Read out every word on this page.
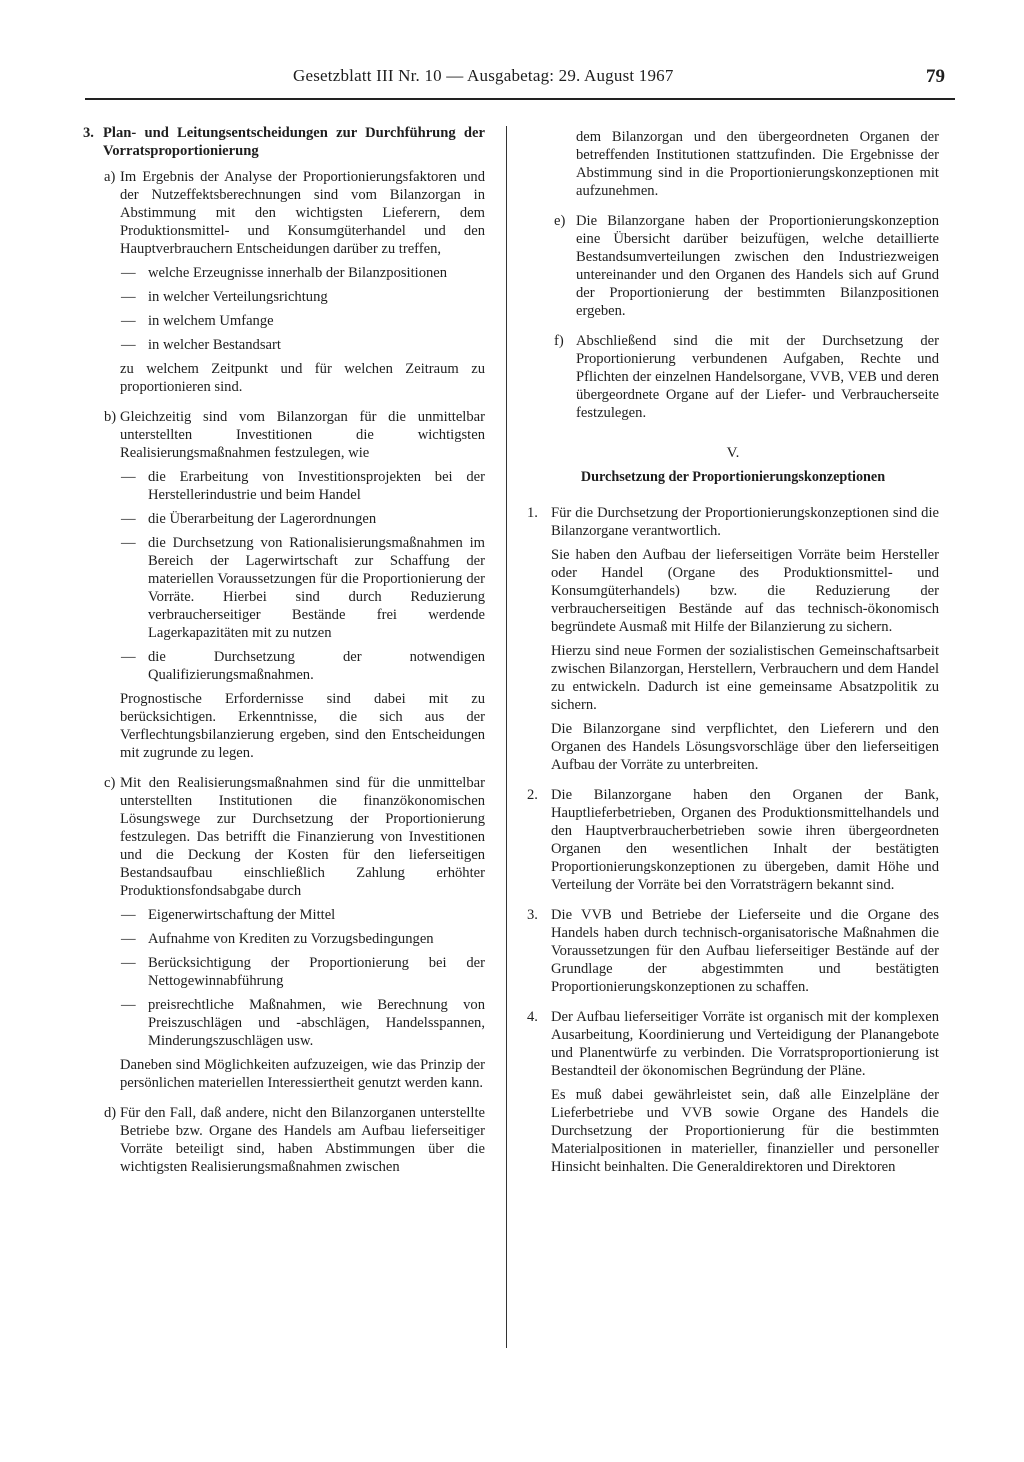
Gesetzblatt III Nr. 10 — Ausgabetag: 29. August 1967	79
3. Plan- und Leitungsentscheidungen zur Durchführung der Vorratsproportionierung
a) Im Ergebnis der Analyse der Proportionierungsfaktoren und der Nutzeffektsberechnungen sind vom Bilanzorgan in Abstimmung mit den wichtigsten Lieferern, dem Produktionsmittel- und Konsumgüterhandel und den Hauptverbrauchern Entscheidungen darüber zu treffen,
— welche Erzeugnisse innerhalb der Bilanzpositionen
— in welcher Verteilungsrichtung
— in welchem Umfange
— in welcher Bestandsart
zu welchem Zeitpunkt und für welchen Zeitraum zu proportionieren sind.
b) Gleichzeitig sind vom Bilanzorgan für die unmittelbar unterstellten Investitionen die wichtigsten Realisierungsmaßnahmen festzulegen, wie
— die Erarbeitung von Investitionsprojekten bei der Herstellerindustrie und beim Handel
— die Überarbeitung der Lagerordnungen
— die Durchsetzung von Rationalisierungsmaßnahmen im Bereich der Lagerwirtschaft zur Schaffung der materiellen Voraussetzungen für die Proportionierung der Vorräte. Hierbei sind durch Reduzierung verbraucherseitiger Bestände frei werdende Lagerkapazitäten mit zu nutzen
— die Durchsetzung der notwendigen Qualifizierungsmaßnahmen.
Prognostische Erfordernisse sind dabei mit zu berücksichtigen. Erkenntnisse, die sich aus der Verflechtungsbilanzierung ergeben, sind den Entscheidungen mit zugrunde zu legen.
c) Mit den Realisierungsmaßnahmen sind für die unmittelbar unterstellten Institutionen die finanzökonomischen Lösungswege zur Durchsetzung der Proportionierung festzulegen. Das betrifft die Finanzierung von Investitionen und die Deckung der Kosten für den lieferseitigen Bestandsaufbau einschließlich Zahlung erhöhter Produktionsfondsabgabe durch
— Eigenerwirtschaftung der Mittel
— Aufnahme von Krediten zu Vorzugsbedingungen
— Berücksichtigung der Proportionierung bei der Nettogewinnabführung
— preisrechtliche Maßnahmen, wie Berechnung von Preiszuschlägen und -abschlägen, Handelsspannen, Minderungszuschlägen usw.
Daneben sind Möglichkeiten aufzuzeigen, wie das Prinzip der persönlichen materiellen Interessiertheit genutzt werden kann.
d) Für den Fall, daß andere, nicht den Bilanzorganen unterstellte Betriebe bzw. Organe des Handels am Aufbau lieferseitiger Vorräte beteiligt sind, haben Abstimmungen über die wichtigsten Realisierungsmaßnahmen zwischen
dem Bilanzorgan und den übergeordneten Organen der betreffenden Institutionen stattzufinden. Die Ergebnisse der Abstimmung sind in die Proportionierungskonzeptionen mit aufzunehmen.
e) Die Bilanzorgane haben der Proportionierungskonzeption eine Übersicht darüber beizufügen, welche detaillierte Bestandsumverteilungen zwischen den Industriezweigen untereinander und den Organen des Handels sich auf Grund der Proportionierung der bestimmten Bilanzpositionen ergeben.
f) Abschließend sind die mit der Durchsetzung der Proportionierung verbundenen Aufgaben, Rechte und Pflichten der einzelnen Handelsorgane, VVB, VEB und deren übergeordnete Organe auf der Liefer- und Verbraucherseite festzulegen.
V.
Durchsetzung der Proportionierungskonzeptionen
1. Für die Durchsetzung der Proportionierungskonzeptionen sind die Bilanzorgane verantwortlich.
Sie haben den Aufbau der lieferseitigen Vorräte beim Hersteller oder Handel (Organe des Produktionsmittel- und Konsumgüterhandels) bzw. die Reduzierung der verbraucherseitigen Bestände auf das technisch-ökonomisch begründete Ausmaß mit Hilfe der Bilanzierung zu sichern.
Hierzu sind neue Formen der sozialistischen Gemeinschaftsarbeit zwischen Bilanzorgan, Herstellern, Verbrauchern und dem Handel zu entwickeln. Dadurch ist eine gemeinsame Absatzpolitik zu sichern.
Die Bilanzorgane sind verpflichtet, den Lieferern und den Organen des Handels Lösungsvorschläge über den lieferseitigen Aufbau der Vorräte zu unterbreiten.
2. Die Bilanzorgane haben den Organen der Bank, Hauptlieferbetrieben, Organen des Produktionsmittelhandels und den Hauptverbraucherbetrieben sowie ihren übergeordneten Organen den wesentlichen Inhalt der bestätigten Proportionierungskonzeptionen zu übergeben, damit Höhe und Verteilung der Vorräte bei den Vorratsträgern bekannt sind.
3. Die VVB und Betriebe der Lieferseite und die Organe des Handels haben durch technisch-organisatorische Maßnahmen die Voraussetzungen für den Aufbau lieferseitiger Bestände auf der Grundlage der abgestimmten und bestätigten Proportionierungskonzeptionen zu schaffen.
4. Der Aufbau lieferseitiger Vorräte ist organisch mit der komplexen Ausarbeitung, Koordinierung und Verteidigung der Planangebote und Planentwürfe zu verbinden. Die Vorratsproportionierung ist Bestandteil der ökonomischen Begründung der Pläne.
Es muß dabei gewährleistet sein, daß alle Einzelpläne der Lieferbetriebe und VVB sowie Organe des Handels die Durchsetzung der Proportionierung für die bestimmten Materialpositionen in materieller, finanzieller und personeller Hinsicht beinhalten. Die Generaldirektoren und Direktoren
